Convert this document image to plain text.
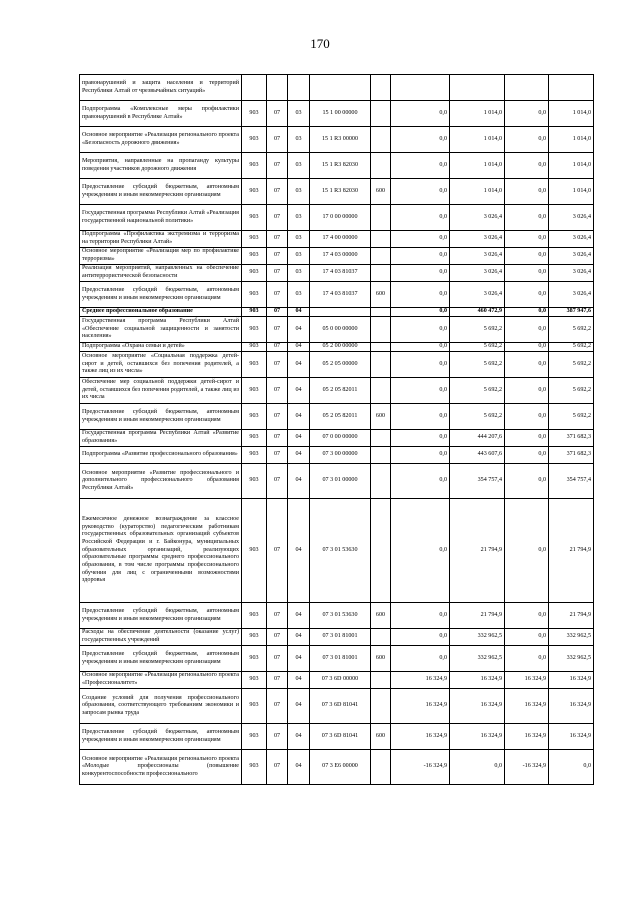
170
правонарушений и защита населения и территорий Республики Алтай от чрезвычайных ситуаций»									
Подпрограмма «Комплексные меры профилактики правонарушений в Республике Алтай»	903	07	03	15 1 00 00000		0,0	1 014,0	0,0	1 014,0
Основное мероприятие «Реализация регионального проекта «Безопасность дорожного движения»	903	07	03	15 1 R3 00000		0,0	1 014,0	0,0	1 014,0
Мероприятия, направленные на пропаганду культуры поведения участников дорожного движения	903	07	03	15 1 R3 82030		0,0	1 014,0	0,0	1 014,0
Предоставление субсидий бюджетным, автономным учреждениям и иным некоммерческим организациям	903	07	03	15 1 R3 82030	600	0,0	1 014,0	0,0	1 014,0
Государственная программа Республики Алтай «Реализация государственной национальной политики»	903	07	03	17 0 00 00000		0,0	3 026,4	0,0	3 026,4
Подпрограмма «Профилактика экстремизма и терроризма на территории Республики Алтай»	903	07	03	17 4 00 00000		0,0	3 026,4	0,0	3 026,4
Основное мероприятие «Реализация мер по профилактике терроризма»	903	07	03	17 4 03 00000		0,0	3 026,4	0,0	3 026,4
Реализация мероприятий, направленных на обеспечение антитеррористической безопасности	903	07	03	17 4 03 81037		0,0	3 026,4	0,0	3 026,4
Предоставление субсидий бюджетным, автономным учреждениям и иным некоммерческим организациям	903	07	03	17 4 03 81037	600	0,0	3 026,4	0,0	3 026,4
Среднее профессиональное образование	903	07	04			0,0	460 472,9	0,0	387 947,6
Государственная программа Республики Алтай «Обеспечение социальной защищенности и занятости населения»	903	07	04	05 0 00 00000		0,0	5 692,2	0,0	5 692,2
Подпрограмма «Охрана семьи и детей»	903	07	04	05 2 00 00000		0,0	5 692,2	0,0	5 692,2
Основное мероприятие «Социальная поддержка детей-сирот и детей, оставшихся без попечения родителей, а также лиц из их числа»	903	07	04	05 2 05 00000		0,0	5 692,2	0,0	5 692,2
Обеспечение мер социальной поддержки детей-сирот и детей, оставшихся без попечения родителей, а также лиц из их числа	903	07	04	05 2 05 82011		0,0	5 692,2	0,0	5 692,2
Предоставление субсидий бюджетным, автономным учреждениям и иным некоммерческим организациям	903	07	04	05 2 05 82011	600	0,0	5 692,2	0,0	5 692,2
Государственная программа Республики Алтай «Развитие образования»	903	07	04	07 0 00 00000		0,0	444 207,6	0,0	371 682,3
Подпрограмма «Развитие профессионального образования»	903	07	04	07 3 00 00000		0,0	443 607,6	0,0	371 682,3
Основное мероприятие «Развитие профессионального и дополнительного профессионального образования Республики Алтай»	903	07	04	07 3 01 00000		0,0	354 757,4	0,0	354 757,4
Ежемесячное денежное вознаграждение за классное руководство (кураторство) педагогическим работникам государственных образовательных организаций субъектов Российской Федерации и г. Байконура, муниципальных образовательных организаций, реализующих образовательные программы среднего профессионального образования, в том числе программы профессионального обучения для лиц с ограниченными возможностями здоровья	903	07	04	07 3 01 53630		0,0	21 794,9	0,0	21 794,9
Предоставление субсидий бюджетным, автономным учреждениям и иным некоммерческим организациям	903	07	04	07 3 01 53630	600	0,0	21 794,9	0,0	21 794,9
Расходы на обеспечение деятельности (оказание услуг) государственных учреждений	903	07	04	07 3 01 81001		0,0	332 962,5	0,0	332 962,5
Предоставление субсидий бюджетным, автономным учреждениям и иным некоммерческим организациям	903	07	04	07 3 01 81001	600	0,0	332 962,5	0,0	332 962,5
Основное мероприятие «Реализация регионального проекта «Профессионалитет»	903	07	04	07 3 6D 00000		16 324,9	16 324,9	16 324,9	16 324,9
Создание условий для получения профессионального образования, соответствующего требованиям экономики и запросам рынка труда	903	07	04	07 3 6D 81041		16 324,9	16 324,9	16 324,9	16 324,9
Предоставление субсидий бюджетным, автономным учреждениям и иным некоммерческим организациям	903	07	04	07 3 6D 81041	600	16 324,9	16 324,9	16 324,9	16 324,9
Основное мероприятие «Реализация регионального проекта «Молодые профессионалы (повышение конкурентоспособности профессионального	903	07	04	07 3 E6 00000		-16 324,9	0,0	-16 324,9	0,0
